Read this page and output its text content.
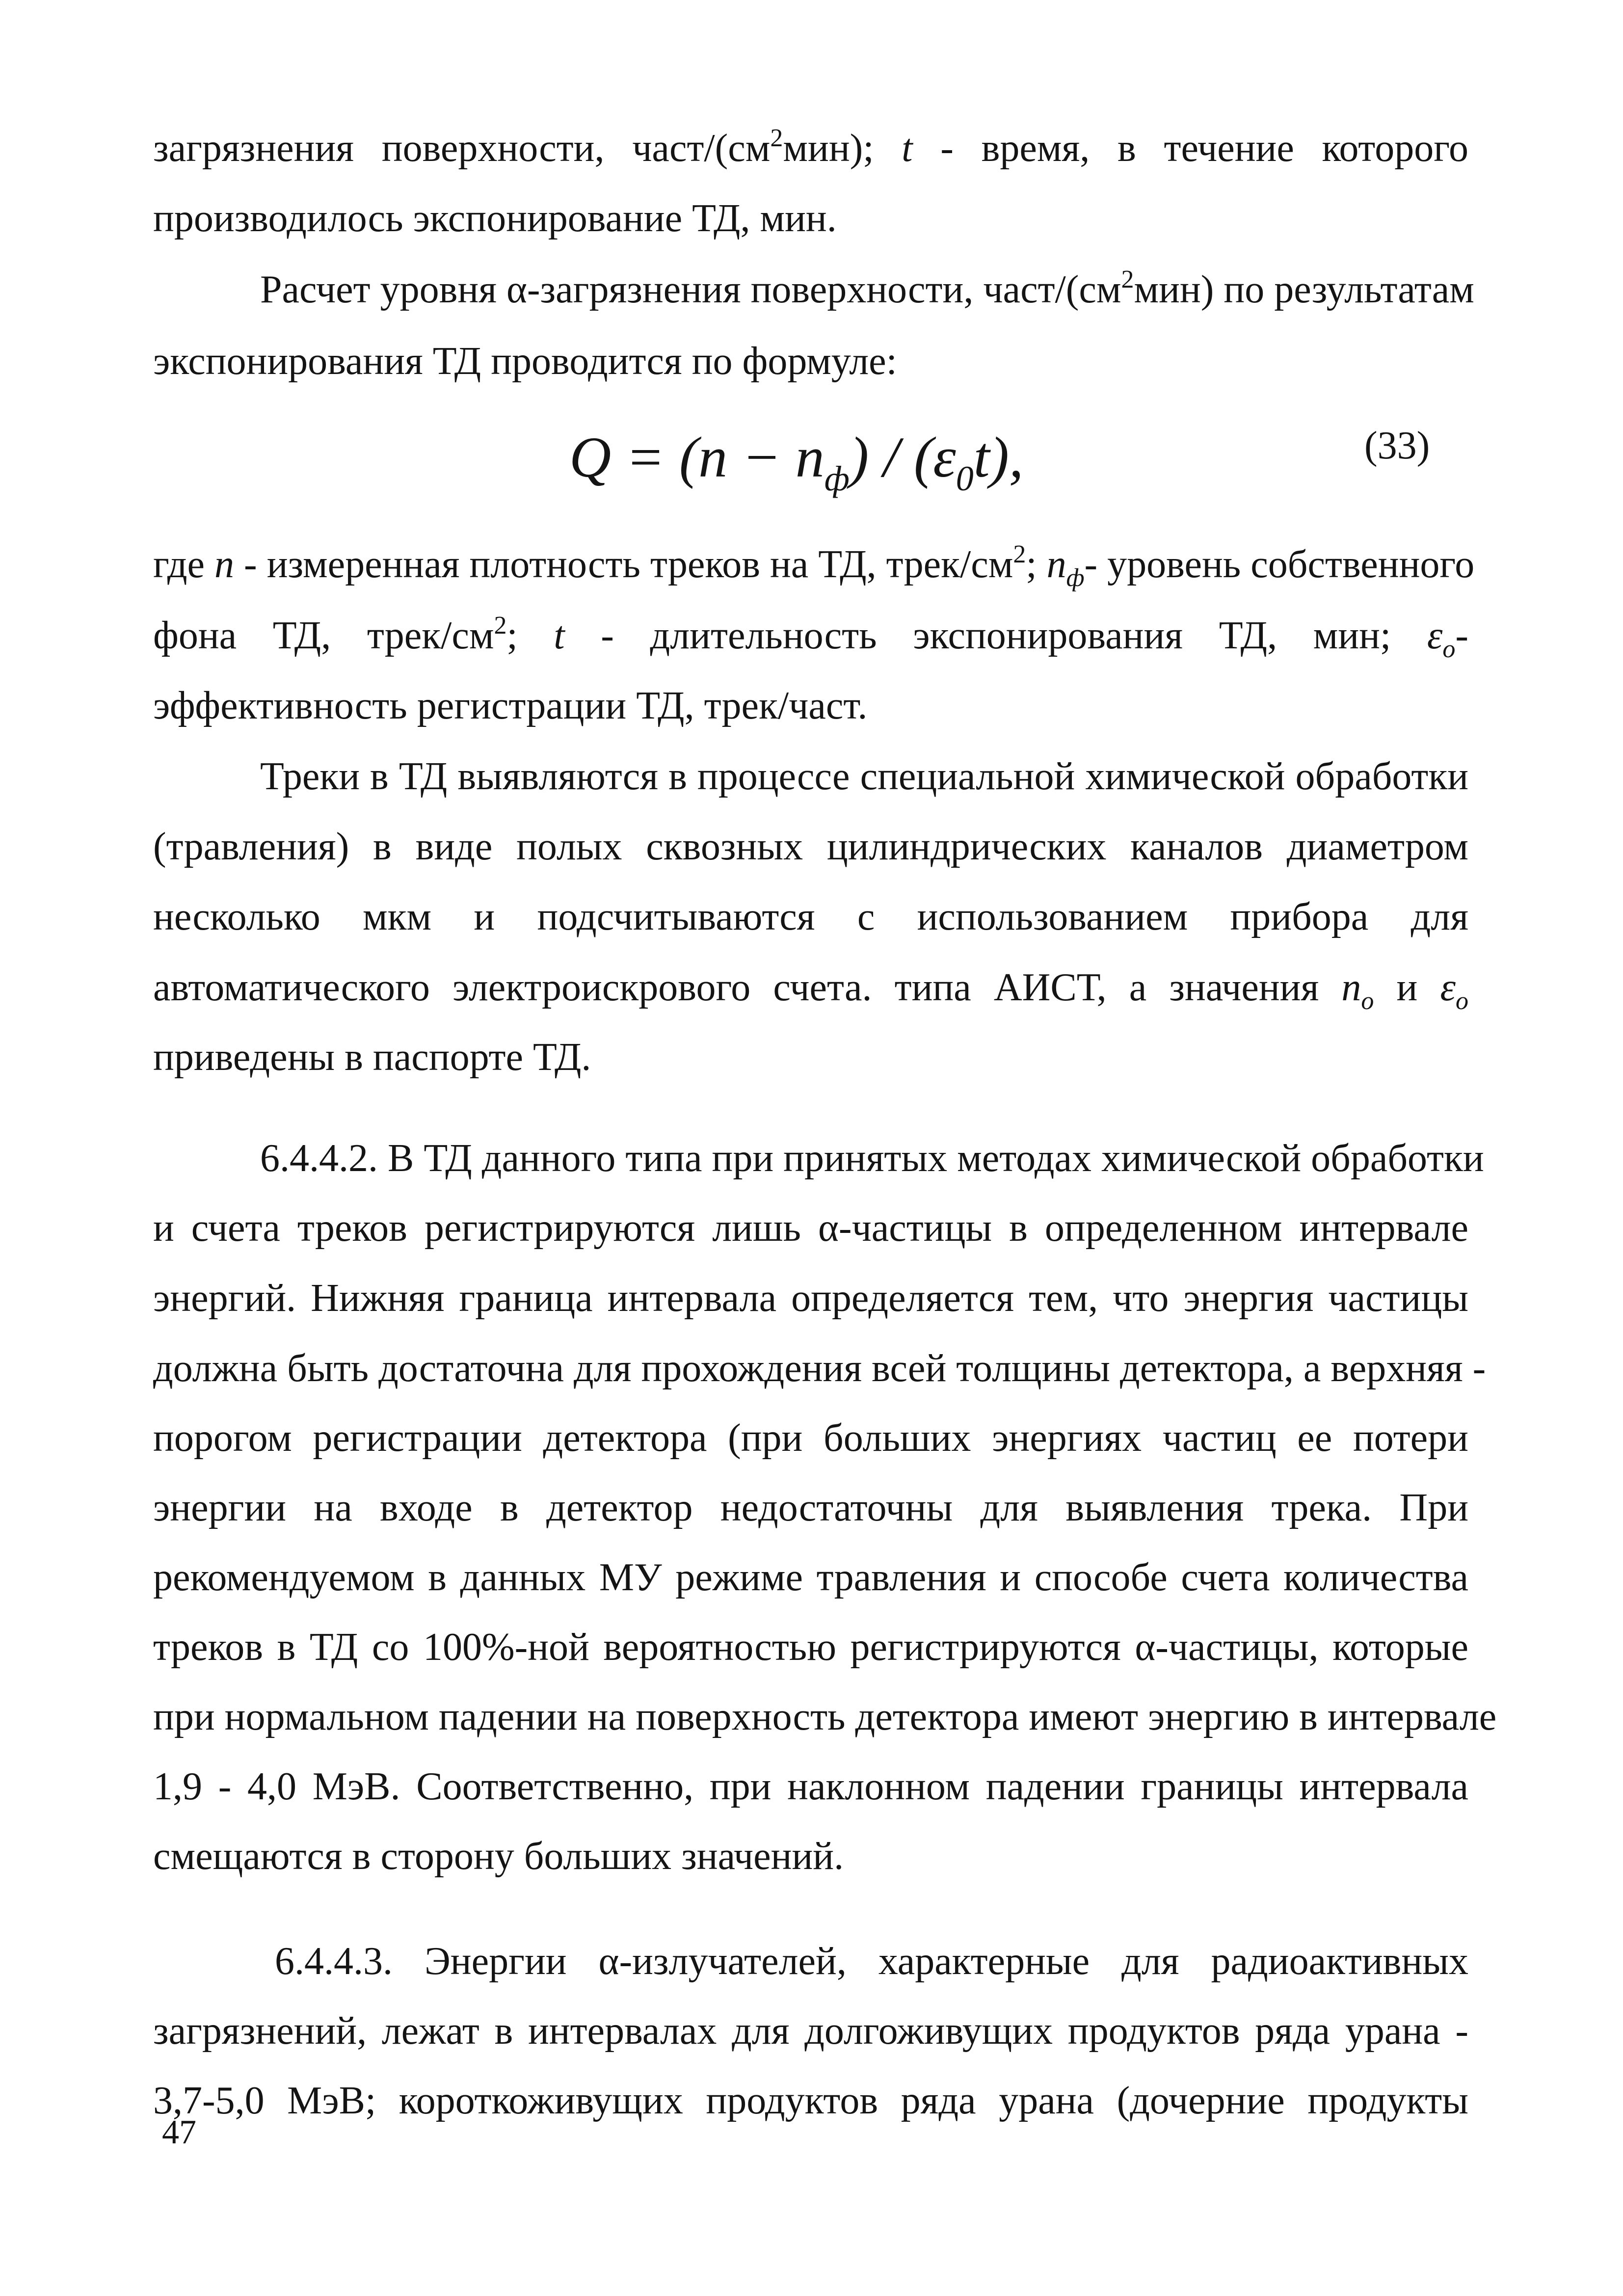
загрязнения поверхности, част/$(см^2мин)$; t - время, в течение которого
производилось экспонирование ТД, мин.
Расчет уровня α-загрязнения поверхности, част/$(см^2мин)$ по результатам
экспонирования ТД проводится по формуле:
$Q = (n - n_ф) / (\varepsilon_0t)$,	(33)
где n - измеренная плотность треков на ТД, трек/$см^2$; $n_ф-$ уровень собственного
фона ТД, трек/$см^2$; t - длительность экспонирования ТД, мин; $\varepsilon_о-$
эффективность регистрации ТД, трек/част.
Треки в ТД выявляются в процессе специальной химической обработки
(травления) в виде полых сквозных цилиндрических каналов диаметром
несколько мкм и подсчитываются с использованием прибора для
автоматического электроискрового счета. типа АИСТ, а значения $n_о$ и $\varepsilon_о$
приведены в паспорте ТД.
6.4.4.2. В ТД данного типа при принятых методах химической обработки
и счета треков регистрируются лишь α-частицы в определенном интервале
энергий. Нижняя граница интервала определяется тем, что энергия частицы
должна быть достаточна для прохождения всей толщины детектора, а верхняя -
порогом регистрации детектора (при больших энергиях частиц ее потери
энергии на входе в детектор недостаточны для выявления трека. При
рекомендуемом в данных МУ режиме травления и способе счета количества
треков в ТД со 100%-ной вероятностью регистрируются α-частицы, которые
при нормальном падении на поверхность детектора имеют энергию в интервале
1,9 - 4,0 МэВ. Соответственно, при наклонном падении границы интервала
смещаются в сторону больших значений.
6.4.4.3. Энергии α-излучателей, характерные для радиоактивных
загрязнений, лежат в интервалах для долгоживущих продуктов ряда урана -
3,7-5,0 МэВ; короткоживущих продуктов ряда урана (дочерние продукты
47
